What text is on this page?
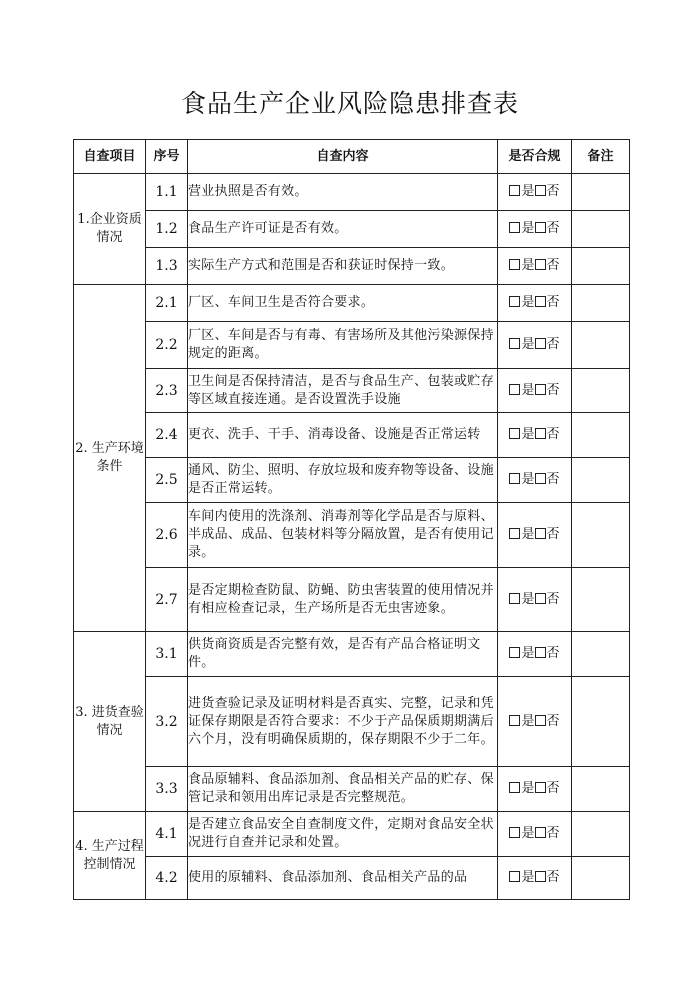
食品生产企业风险隐患排查表
自查项目	序号	自查内容	是否合规	备注
1.企业资质情况	1.1	营业执照是否有效。	是 否	
	1.2	食品生产许可证是否有效。	是 否	
	1.3	实际生产方式和范围是否和获证时保持一致。	是 否	
2. 生产环境条件	2.1	厂区、车间卫生是否符合要求。	是 否	
	2.2	厂区、车间是否与有毒、有害场所及其他污染源保持规定的距离。	是 否	
	2.3	卫生间是否保持清洁，是否与食品生产、包装或贮存等区域直接连通。是否设置洗手设施	是 否	
	2.4	更衣、洗手、干手、消毒设备、设施是否正常运转	是 否	
	2.5	通风、防尘、照明、存放垃圾和废弃物等设备、设施是否正常运转。	是 否	
	2.6	车间内使用的洗涤剂、消毒剂等化学品是否与原料、半成品、成品、包装材料等分隔放置，是否有使用记录。	是 否	
	2.7	是否定期检查防鼠、防蝇、防虫害装置的使用情况并有相应检查记录，生产场所是否无虫害迹象。	是 否	
3. 进货查验情况	3.1	供货商资质是否完整有效，是否有产品合格证明文件。	是 否	
	3.2	进货查验记录及证明材料是否真实、完整，记录和凭证保存期限是否符合要求：不少于产品保质期期满后六个月，没有明确保质期的，保存期限不少于二年。	是 否	
	3.3	食品原辅料、食品添加剂、食品相关产品的贮存、保管记录和领用出库记录是否完整规范。	是 否	
4. 生产过程控制情况	4.1	是否建立食品安全自查制度文件，定期对食品安全状况进行自查并记录和处置。	是 否	
	4.2	使用的原辅料、食品添加剂、食品相关产品的品	是 否	
